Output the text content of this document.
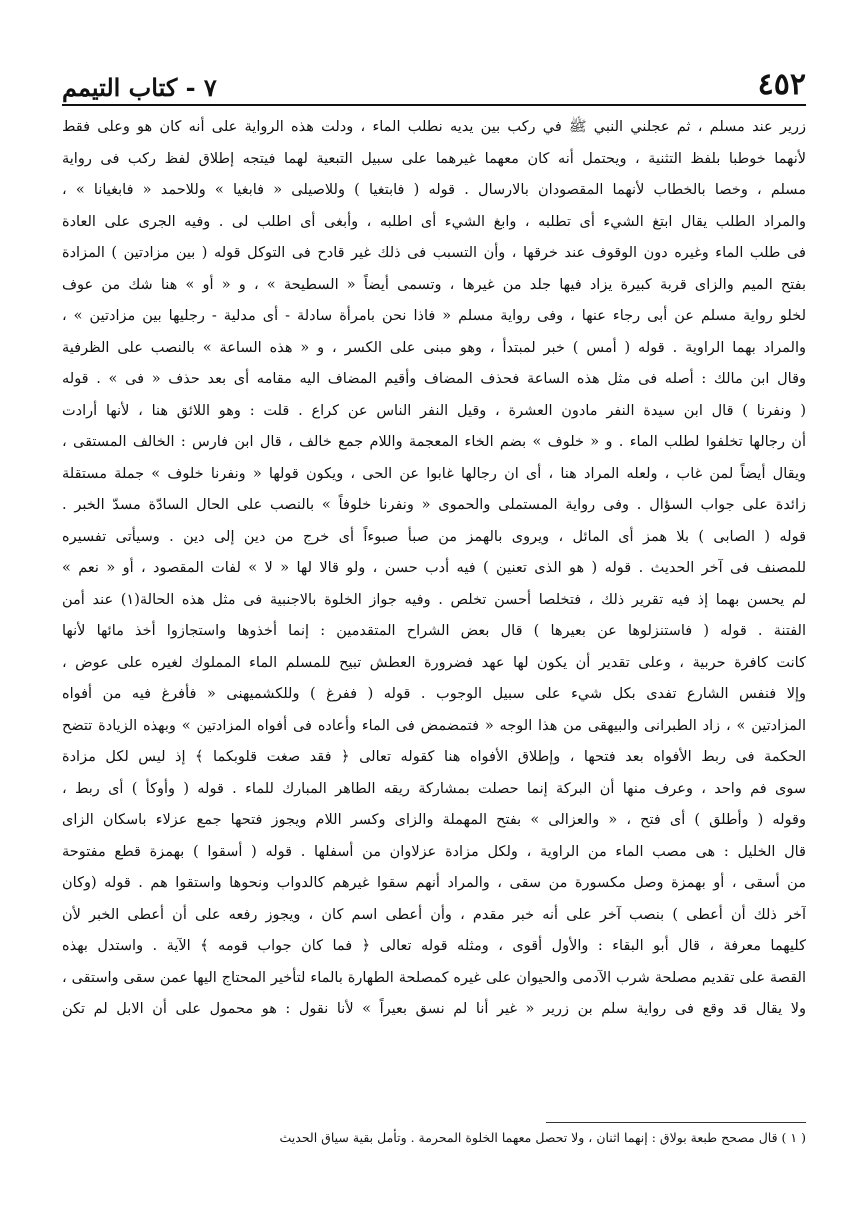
٤٥٢
٧ - كتاب التيمم
زرير عند مسلم ، ثم عجلني النبي ﷺ في ركب بين يديه نطلب الماء ، ودلت هذه الرواية على أنه كان هو وعلى فقط
لأنهما خوطبا بلفظ التثنية ، ويحتمل أنه كان معهما غيرهما على سبيل التبعية لهما فيتجه إطلاق لفظ ركب فى رواية
مسلم ، وخصا بالخطاب لأنهما المقصودان بالارسال . قوله ( فابتغيا ) وللاصيلى « فابغيا » وللاحمد « فابغيانا » ،
والمراد الطلب يقال ابتغ الشيء أى تطلبه ، وابغ الشيء أى اطلبه ، وأبغى أى اطلب لى . وفيه الجرى على العادة
فى طلب الماء وغيره دون الوقوف عند خرقها ، وأن التسبب فى ذلك غير قادح فى التوكل قوله ( بين مزادتين ) المزادة
بفتح الميم والزاى قربة كبيرة يزاد فيها جلد من غيرها ، وتسمى أيضاً « السطيحة » ، و « أو » هنا شك من عوف
لخلو رواية مسلم عن أبى رجاء عنها ، وفى رواية مسلم « فاذا نحن بامرأة سادلة - أى مدلية - رجليها بين مزادتين » ،
والمراد بهما الراوية . قوله ( أمس ) خبر لمبتدأ ، وهو مبنى على الكسر ، و « هذه الساعة » بالنصب على الظرفية
وقال ابن مالك : أصله فى مثل هذه الساعة فحذف المضاف وأقيم المضاف اليه مقامه أى بعد حذف « فى » . قوله
( ونفرنا ) قال ابن سيدة النفر مادون العشرة ، وقيل النفر الناس عن كراع . قلت : وهو اللائق هنا ، لأنها أرادت
أن رجالها تخلفوا لطلب الماء . و « خلوف » بضم الخاء المعجمة واللام جمع خالف ، قال ابن فارس : الخالف المستقى ،
ويقال أيضاً لمن غاب ، ولعله المراد هنا ، أى ان رجالها غابوا عن الحى ، ويكون قولها « ونفرنا خلوف » جملة مستقلة
زائدة على جواب السؤال . وفى رواية المستملى والحموى « ونفرنا خلوفاً » بالنصب على الحال السادّة مسدّ الخبر .
قوله ( الصابى ) بلا همز أى المائل ، ويروى بالهمز من صبأ صبوءاً أى خرج من دين إلى دين . وسيأتى تفسيره
للمصنف فى آخر الحديث . قوله ( هو الذى تعنين ) فيه أدب حسن ، ولو قالا لها « لا » لفات المقصود ، أو « نعم »
لم يحسن بهما إذ فيه تقرير ذلك ، فتخلصا أحسن تخلص . وفيه جواز الخلوة بالاجنبية فى مثل هذه الحالة(١) عند أمن
الفتنة . قوله ( فاستنزلوها عن بعيرها ) قال بعض الشراح المتقدمين : إنما أخذوها واستجازوا أخذ مائها لأنها
كانت كافرة حربية ، وعلى تقدير أن يكون لها عهد فضرورة العطش تبيح للمسلم الماء المملوك لغيره على عوض ،
وإلا فنفس الشارع تفدى بكل شيء على سبيل الوجوب . قوله ( ففرغ ) وللكشميهنى « فأفرغ فيه من أفواه
المزادتين » ، زاد الطبرانى والبيهقى من هذا الوجه « فتمضمض فى الماء وأعاده فى أفواه المزادتين » وبهذه الزيادة تتضح
الحكمة فى ربط الأفواه بعد فتحها ، وإطلاق الأفواه هنا كقوله تعالى ﴿ فقد صغت قلوبكما ﴾ إذ ليس لكل مزادة
سوى فم واحد ، وعرف منها أن البركة إنما حصلت بمشاركة ريقه الطاهر المبارك للماء . قوله ( وأوكأ ) أى ربط ،
وقوله ( وأطلق ) أى فتح ، « والعزالى » بفتح المهملة والزاى وكسر اللام ويجوز فتحها جمع عزلاء باسكان الزاى
قال الخليل : هى مصب الماء من الراوية ، ولكل مزادة عزلاوان من أسفلها . قوله ( أسقوا ) بهمزة قطع مفتوحة
من أسقى ، أو بهمزة وصل مكسورة من سقى ، والمراد أنهم سقوا غيرهم كالدواب ونحوها واستقوا هم . قوله (وكان
آخر ذلك أن أعطى ) بنصب آخر على أنه خبر مقدم ، وأن أعطى اسم كان ، ويجوز رفعه على أن أعطى الخبر لأن
كليهما معرفة ، قال أبو البقاء : والأول أقوى ، ومثله قوله تعالى ﴿ فما كان جواب قومه ﴾ الآية . واستدل بهذه
القصة على تقديم مصلحة شرب الآدمى والحيوان على غيره كمصلحة الطهارة بالماء لتأخير المحتاج اليها عمن سقى واستقى ،
ولا يقال قد وقع فى رواية سلم بن زرير « غير أنا لم نسق بعيراً » لأنا نقول : هو محمول على أن الابل لم تكن
( ١ ) قال مصحح طبعة بولاق : إنهما اثنان ، ولا تحصل معهما الخلوة المحرمة . وتأمل بقية سياق الحديث
